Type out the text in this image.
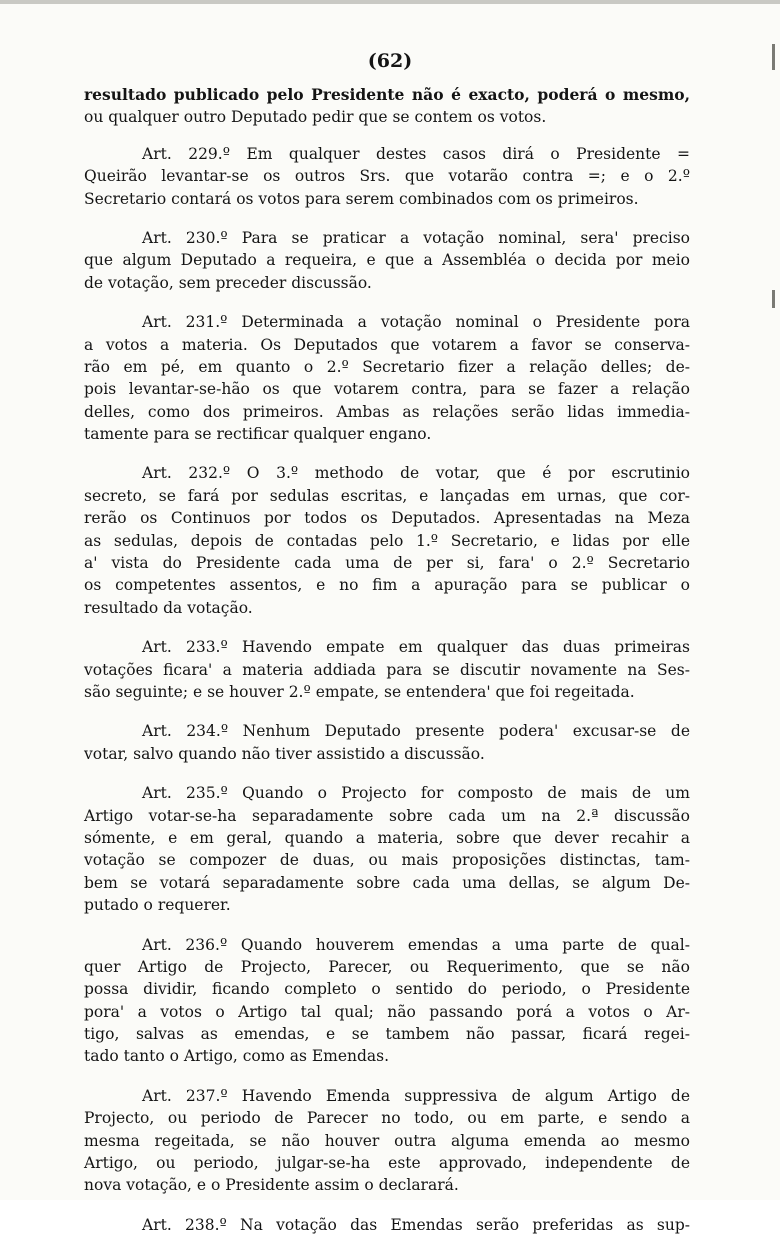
(62)
resultado publicado pelo Presidente não é exacto, poderá o mesmo,
ou qualquer outro Deputado pedir que se contem os votos.
Art. 229.º Em qualquer destes casos dirá o Presidente =
Queirão levantar-se os outros Srs. que votarão contra =; e o 2.º
Secretario contará os votos para serem combinados com os primeiros.
Art. 230.º Para se praticar a votação nominal, sera' preciso
que algum Deputado a requeira, e que a Assembléa o decida por meio
de votação, sem preceder discussão.
Art. 231.º Determinada a votação nominal o Presidente pora
a votos a materia. Os Deputados que votarem a favor se conserva-
rão em pé, em quanto o 2.º Secretario fizer a relação delles; de-
pois levantar-se-hão os que votarem contra, para se fazer a relação
delles, como dos primeiros. Ambas as relações serão lidas immedia-
tamente para se rectificar qualquer engano.
Art. 232.º O 3.º methodo de votar, que é por escrutinio
secreto, se fará por sedulas escritas, e lançadas em urnas, que cor-
rerão os Continuos por todos os Deputados. Apresentadas na Meza
as sedulas, depois de contadas pelo 1.º Secretario, e lidas por elle
a' vista do Presidente cada uma de per si, fara' o 2.º Secretario
os competentes assentos, e no fim a apuração para se publicar o
resultado da votação.
Art. 233.º Havendo empate em qualquer das duas primeiras
votações ficara' a materia addiada para se discutir novamente na Ses-
são seguinte; e se houver 2.º empate, se entendera' que foi regeitada.
Art. 234.º Nenhum Deputado presente podera' excusar-se de
votar, salvo quando não tiver assistido a discussão.
Art. 235.º Quando o Projecto for composto de mais de um
Artigo votar-se-ha separadamente sobre cada um na 2.ª discussão
sómente, e em geral, quando a materia, sobre que dever recahir a
votação se compozer de duas, ou mais proposições distinctas, tam-
bem se votará separadamente sobre cada uma dellas, se algum De-
putado o requerer.
Art. 236.º Quando houverem emendas a uma parte de qual-
quer Artigo de Projecto, Parecer, ou Requerimento, que se não
possa dividir, ficando completo o sentido do periodo, o Presidente
pora' a votos o Artigo tal qual; não passando porá a votos o Ar-
tigo, salvas as emendas, e se tambem não passar, ficará regei-
tado tanto o Artigo, como as Emendas.
Art. 237.º Havendo Emenda suppressiva de algum Artigo de
Projecto, ou periodo de Parecer no todo, ou em parte, e sendo a
mesma regeitada, se não houver outra alguma emenda ao mesmo
Artigo, ou periodo, julgar-se-ha este approvado, independente de
nova votação, e o Presidente assim o declarará.
Art. 238.º Na votação das Emendas serão preferidas as sup-
